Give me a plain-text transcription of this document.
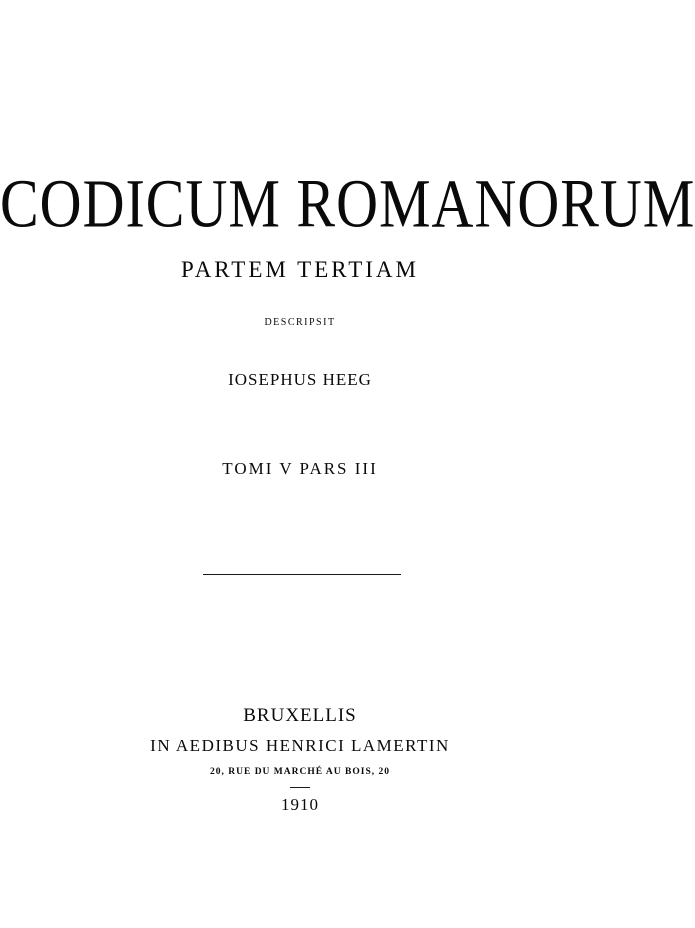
CODICUM ROMANORUM
PARTEM TERTIAM
DESCRIPSIT
IOSEPHUS HEEG
TOMI V PARS III
BRUXELLIS
IN AEDIBUS HENRICI LAMERTIN
20, RUE DU MARCHÉ AU BOIS, 20
1910
